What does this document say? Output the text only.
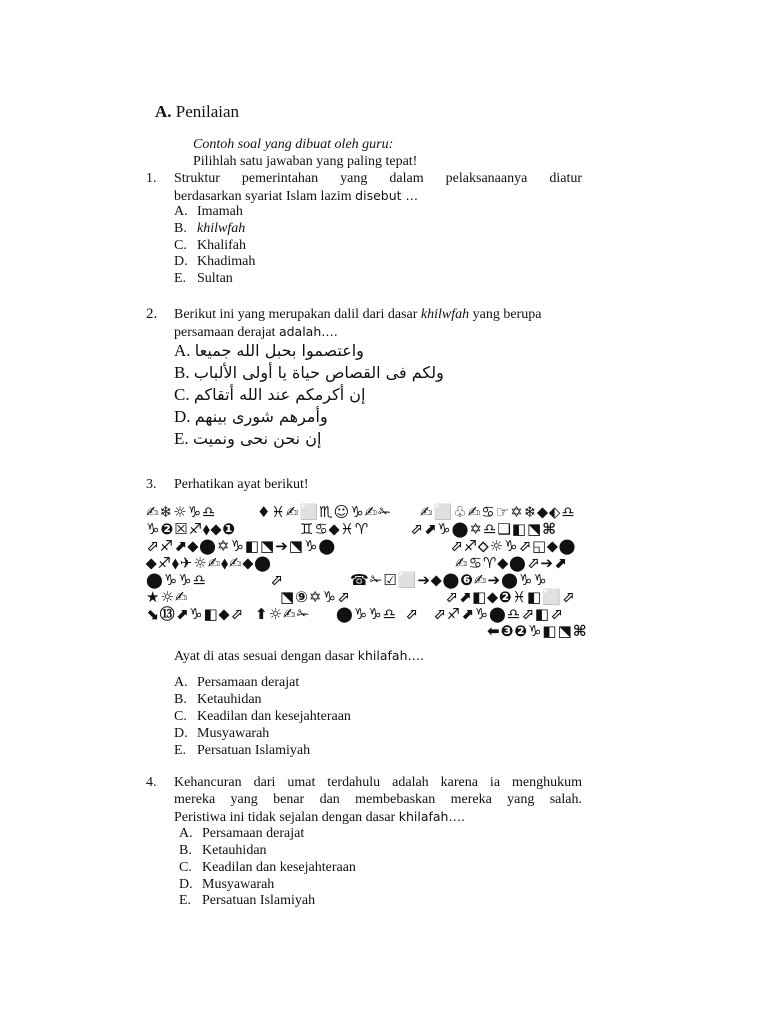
A. Penilaian
Contoh soal yang dibuat oleh guru:
Pilihlah satu jawaban yang paling tepat!
1. Struktur pemerintahan yang dalam pelaksanaanya diatur
berdasarkan syariat Islam lazim disebut …
A. Imamah
B. khilwfah
C. Khalifah
D. Khadimah
E. Sultan
2. Berikut ini yang merupakan dalil dari dasar khilwfah yang berupa
persamaan derajat adalah….
A. واعتصموا بحبل الله جميعا
B. ولكم فى القصاص حياة يا أولى الألباب
C. إن أكرمكم عند الله أتقاكم
D. وأمرهم شورى بينهم
E. إن نحن نحى ونميت
3. Perhatikan ayat berikut!
✍❄☼♑♎	♦♓✍⬜♏☺♑✍✁ ✍⬜♧✍♋☞✡❄⬥⬖♎
♑❷☒♐⬧⬥❶	♊♋⬥♓♈	⬀⬈♑⬤✡♎❏◧⬔⌘
⬀♐⬈⬥⬤✡♑◧⬔➔⬔♑⬤	⬀♐⬦☼♑⬀◱⬥⬤
⬥♐⬧✈☼✍⬧✍⬥⬤	✍♋♈⬥⬤⬀➔⬈
⬤♑♑♎	⬀	☎✁☑⬜➔⬥⬤❻✍➔⬤♑♑
★☼✍	⬔⑨✡♑⬀	⬀⬈◧⬥❷♓◧⬜⬀
⬊⑬⬈♑◧⬥⬀ ⬆☼✍✁ ⬤♑♑♎ ⬀ ⬀♐⬈♑⬤♎⬀◧⬀
⬅❸❷♑◧⬔⌘
Ayat di atas sesuai dengan dasar khilafah….
A. Persamaan derajat
B. Ketauhidan
C. Keadilan dan kesejahteraan
D. Musyawarah
E. Persatuan Islamiyah
4. Kehancuran dari umat terdahulu adalah karena ia menghukum
mereka yang benar dan membebaskan mereka yang salah.
Peristiwa ini tidak sejalan dengan dasar khilafah….
A. Persamaan derajat
B. Ketauhidan
C. Keadilan dan kesejahteraan
D. Musyawarah
E. Persatuan Islamiyah
